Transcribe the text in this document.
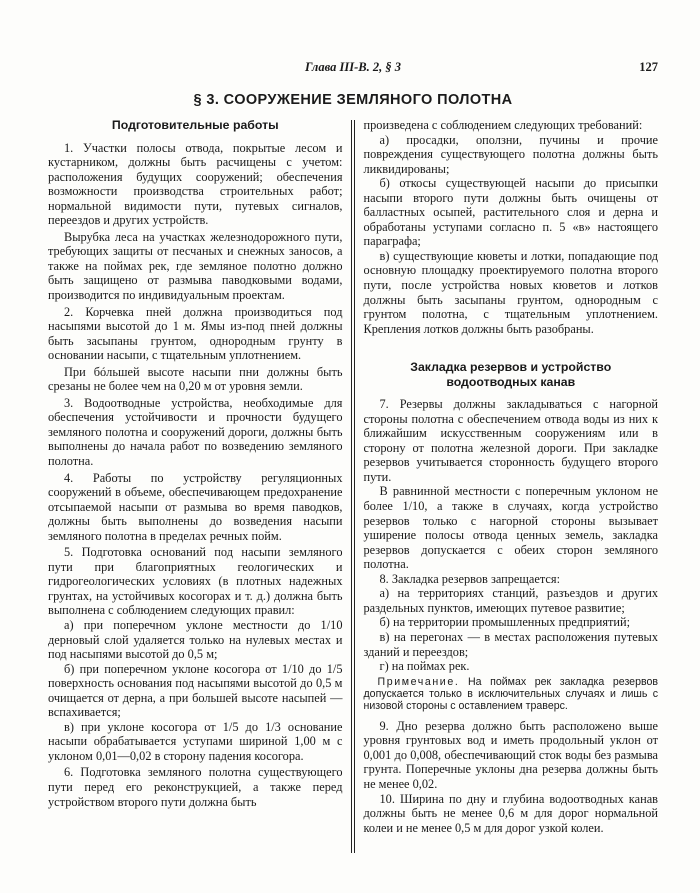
Глава III-В. 2, § 3	127
§ 3. СООРУЖЕНИЕ ЗЕМЛЯНОГО ПОЛОТНА
Подготовительные работы

1. Участки полосы отвода, покрытые лесом и кустарником, должны быть расчищены с учетом: расположения будущих сооружений; обеспечения возможности производства строительных работ; нормальной видимости пути, путевых сигналов, переездов и других устройств.

Вырубка леса на участках железнодорожного пути, требующих защиты от песчаных и снежных заносов, а также на поймах рек, где земляное полотно должно быть защищено от размыва паводковыми водами, производится по индивидуальным проектам.

2. Корчевка пней должна производиться под насыпями высотой до 1 м. Ямы из-под пней должны быть засыпаны грунтом, однородным грунту в основании насыпи, с тщательным уплотнением.

При бóльшей высоте насыпи пни должны быть срезаны не более чем на 0,20 м от уровня земли.

3. Водоотводные устройства, необходимые для обеспечения устойчивости и прочности будущего земляного полотна и сооружений дороги, должны быть выполнены до начала работ по возведению земляного полотна.

4. Работы по устройству регуляционных сооружений в объеме, обеспечивающем предохранение отсыпаемой насыпи от размыва во время паводков, должны быть выполнены до возведения насыпи земляного полотна в пределах речных пойм.

5. Подготовка оснований под насыпи земляного пути при благоприятных геологических и гидрогеологических условиях (в плотных надежных грунтах, на устойчивых косогорах и т. д.) должна быть выполнена с соблюдением следующих правил:

а) при поперечном уклоне местности до 1/10 дерновый слой удаляется только на нулевых местах и под насыпями высотой до 0,5 м;

б) при поперечном уклоне косогора от 1/10 до 1/5 поверхность основания под насыпями высотой до 0,5 м очищается от дерна, а при большей высоте насыпей — вспахивается;

в) при уклоне косогора от 1/5 до 1/3 основание насыпи обрабатывается уступами шириной 1,00 м с уклоном 0,01—0,02 в сторону падения косогора.

6. Подготовка земляного полотна существующего пути перед его реконструкцией, а также перед устройством второго пути должна быть

произведена с соблюдением следующих требований:

а) просадки, оползни, пучины и прочие повреждения существующего полотна должны быть ликвидированы;

б) откосы существующей насыпи до присыпки насыпи второго пути должны быть очищены от балластных осыпей, растительного слоя и дерна и обработаны уступами согласно п. 5 «в» настоящего параграфа;

в) существующие кюветы и лотки, попадающие под основную площадку проектируемого полотна второго пути, после устройства новых кюветов и лотков должны быть засыпаны грунтом, однородным с грунтом полотна, с тщательным уплотнением. Крепления лотков должны быть разобраны.

Закладка резервов и устройство водоотводных канав

7. Резервы должны закладываться с нагорной стороны полотна с обеспечением отвода воды из них к ближайшим искусственным сооружениям или в сторону от полотна железной дороги. При закладке резервов учитывается сторонность будущего второго пути.

В равнинной местности с поперечным уклоном не более 1/10, а также в случаях, когда устройство резервов только с нагорной стороны вызывает уширение полосы отвода ценных земель, закладка резервов допускается с обеих сторон земляного полотна.

8. Закладка резервов запрещается:

а) на территориях станций, разъездов и других раздельных пунктов, имеющих путевое развитие;

б) на территории промышленных предприятий;

в) на перегонах — в местах расположения путевых зданий и переездов;

г) на поймах рек.

Примечание. На поймах рек закладка резервов допускается только в исключительных случаях и лишь с низовой стороны с оставлением траверс.

9. Дно резерва должно быть расположено выше уровня грунтовых вод и иметь продольный уклон от 0,001 до 0,008, обеспечивающий сток воды без размыва грунта. Поперечные уклоны дна резерва должны быть не менее 0,02.

10. Ширина по дну и глубина водоотводных канав должны быть не менее 0,6 м для дорог нормальной колеи и не менее 0,5 м для дорог узкой колеи.
